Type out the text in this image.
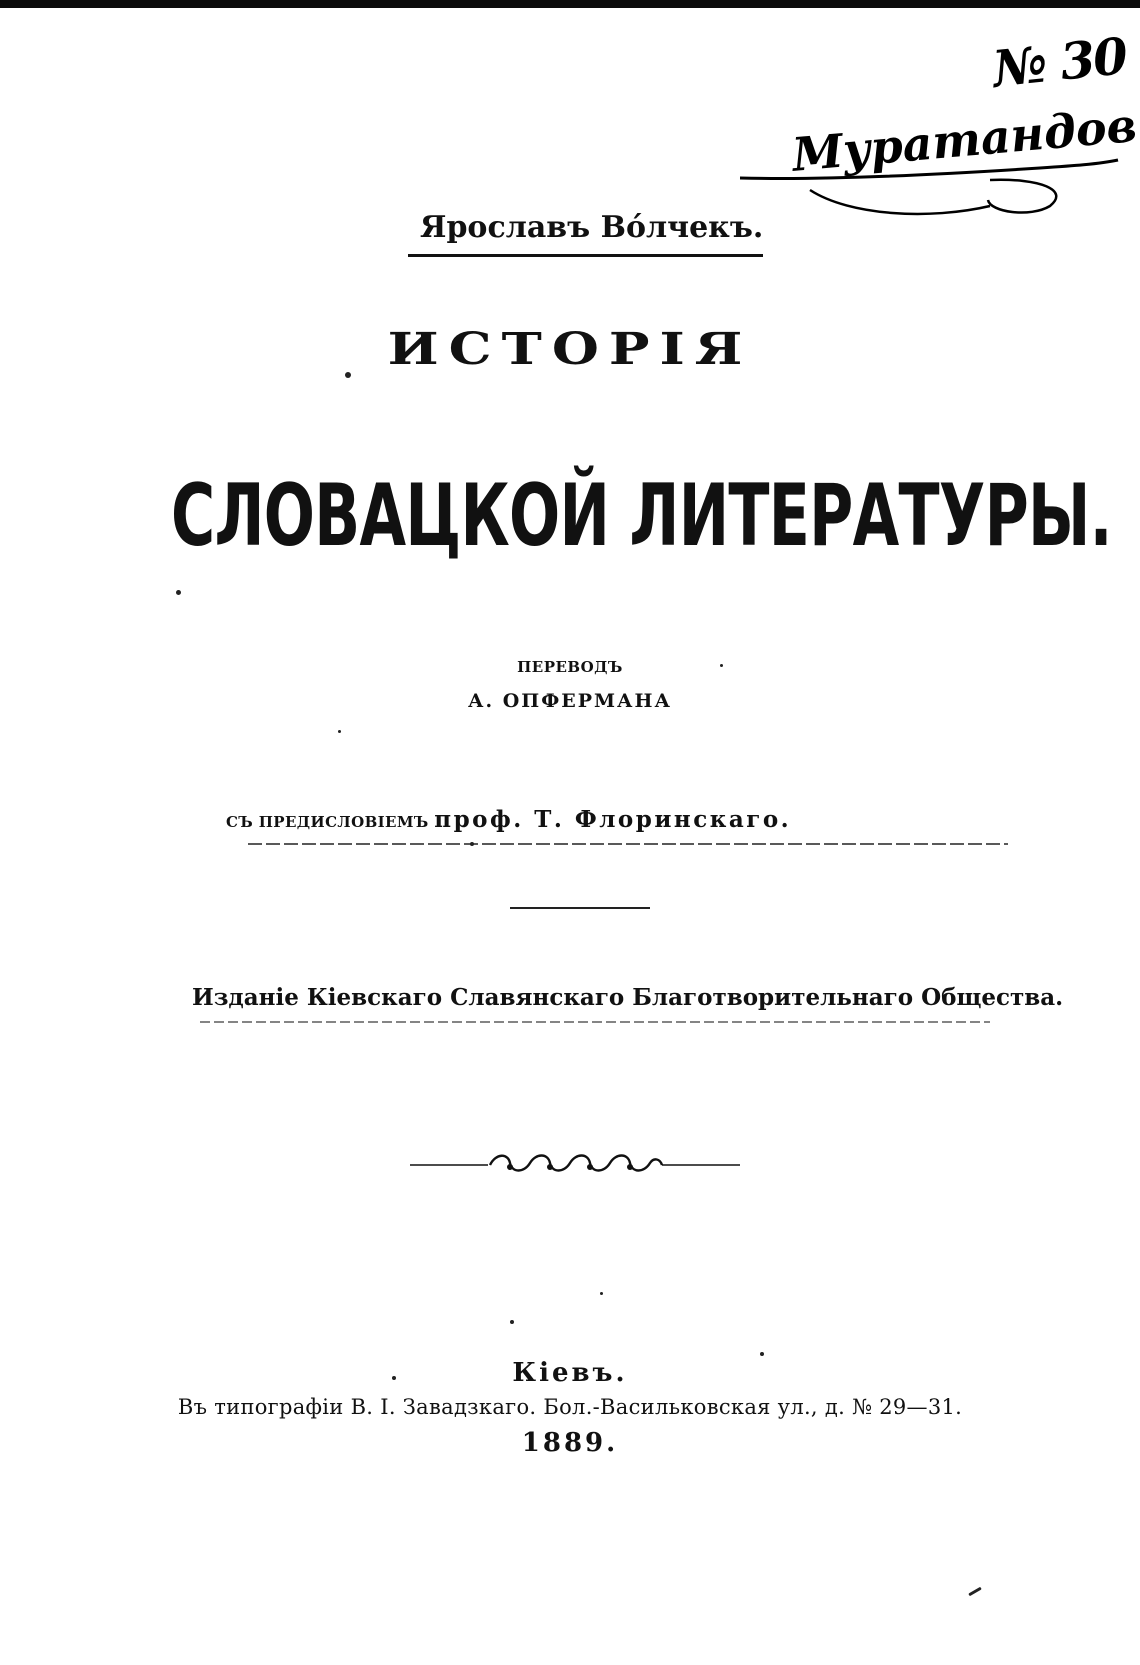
№ 30
Муратандов
Ярославъ Вóлчекъ.
ИСТОРІЯ
СЛОВАЦКОЙ ЛИТЕРАТУРЫ.
ПЕРЕВОДЪ
А. ОПФЕРМАНА
СЪ ПРЕДИСЛОВІЕМЪ проф. Т. Флоринскаго.
Изданіе Кіевскаго Славянскаго Благотворительнаго Общества.
Кіевъ.
Въ типографіи В. І. Завадзкаго. Бол.-Васильковская ул., д. № 29—31.
1889.
